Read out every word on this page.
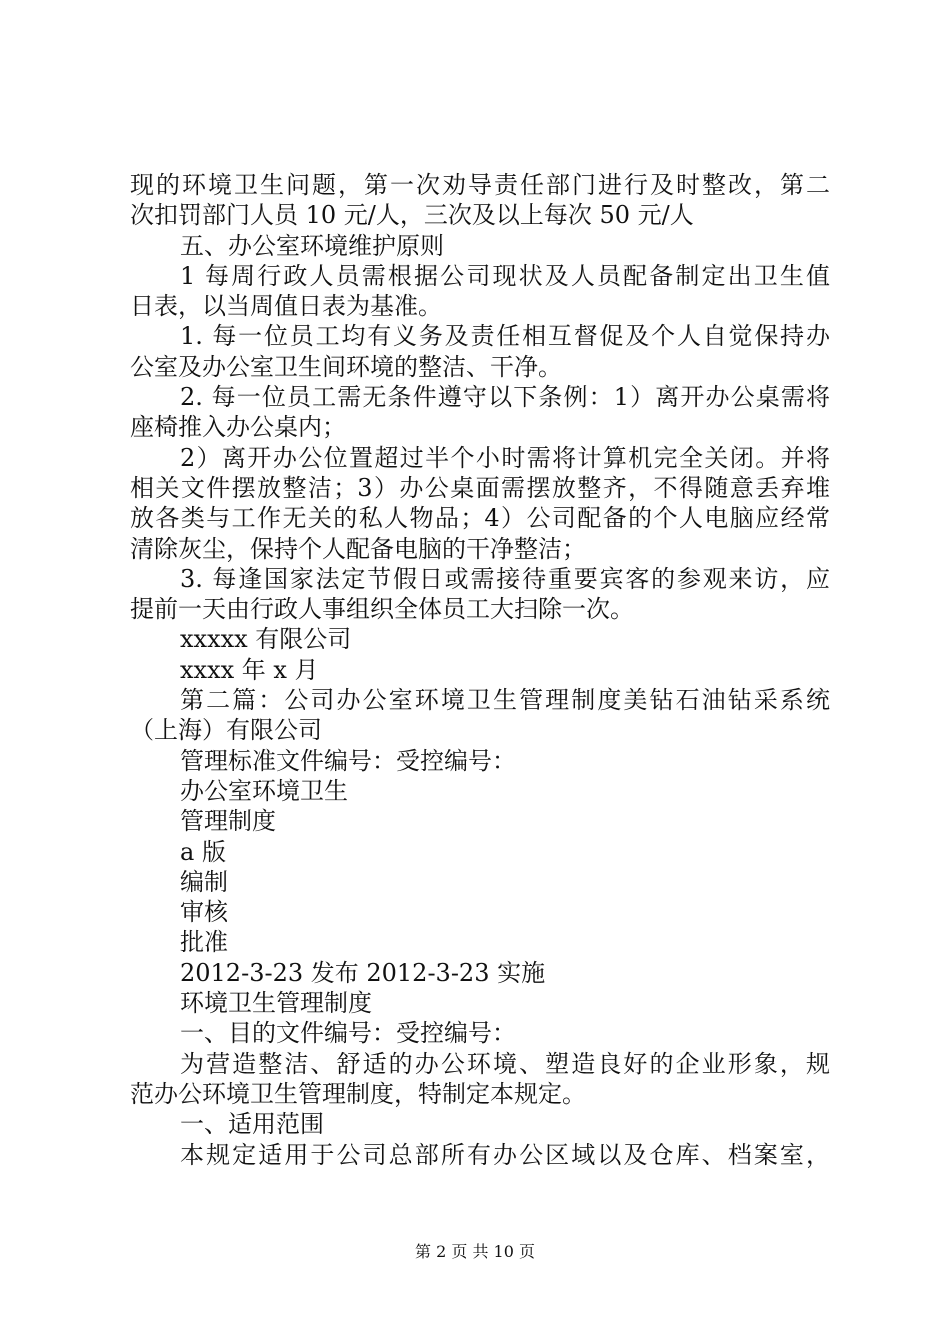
现的环境卫生问题，第一次劝导责任部门进行及时整改，第二
次扣罚部门人员 10 元/人，三次及以上每次 50 元/人
五、办公室环境维护原则
1 每周行政人员需根据公司现状及人员配备制定出卫生值
日表，以当周值日表为基准。
1. 每一位员工均有义务及责任相互督促及个人自觉保持办
公室及办公室卫生间环境的整洁、干净。
2. 每一位员工需无条件遵守以下条例：1）离开办公桌需将
座椅推入办公桌内；
2）离开办公位置超过半个小时需将计算机完全关闭。并将
相关文件摆放整洁；3）办公桌面需摆放整齐，不得随意丢弃堆
放各类与工作无关的私人物品；4）公司配备的个人电脑应经常
清除灰尘，保持个人配备电脑的干净整洁；
3. 每逢国家法定节假日或需接待重要宾客的参观来访，应
提前一天由行政人事组织全体员工大扫除一次。
xxxxx 有限公司
xxxx 年 x 月
第二篇：公司办公室环境卫生管理制度美钻石油钻采系统
（上海）有限公司
管理标准文件编号：受控编号：
办公室环境卫生
管理制度
a 版
编制
审核
批准
2012-3-23 发布 2012-3-23 实施
环境卫生管理制度
一、目的文件编号：受控编号：
为营造整洁、舒适的办公环境、塑造良好的企业形象，规
范办公环境卫生管理制度，特制定本规定。
一、适用范围
本规定适用于公司总部所有办公区域以及仓库、档案室，
第 2 页 共 10 页
